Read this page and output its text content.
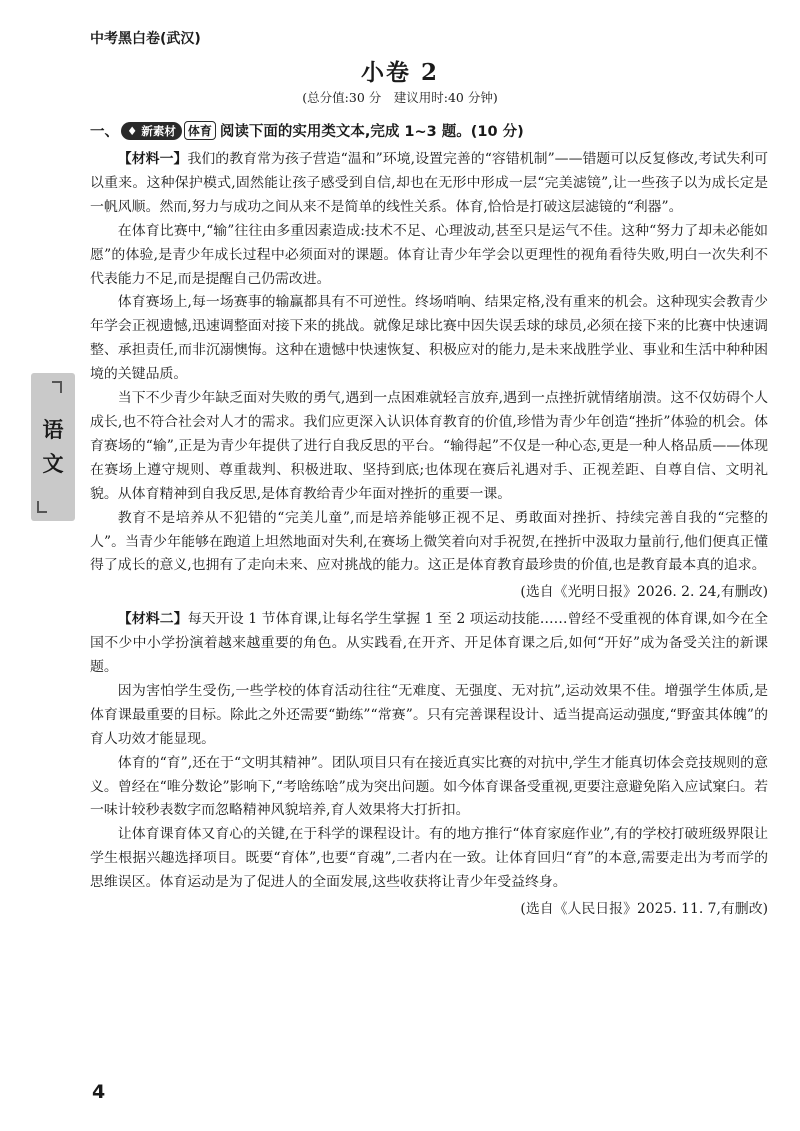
中考黑白卷(武汉)
小卷 2
(总分值:30 分　建议用时:40 分钟)
一、 ♦ 新素材 体育 阅读下面的实用类文本,完成 1~3 题。(10 分)

【材料一】我们的教育常为孩子营造“温和”环境,设置完善的“容错机制”——错题可以反复修改,考试失利可以重来。这种保护模式,固然能让孩子感受到自信,却也在无形中形成一层“完美滤镜”,让一些孩子以为成长定是一帆风顺。然而,努力与成功之间从来不是简单的线性关系。体育,恰恰是打破这层滤镜的“利器”。

在体育比赛中,“输”往往由多重因素造成:技术不足、心理波动,甚至只是运气不佳。这种“努力了却未必能如愿”的体验,是青少年成长过程中必须面对的课题。体育让青少年学会以更理性的视角看待失败,明白一次失利不代表能力不足,而是提醒自己仍需改进。

体育赛场上,每一场赛事的输赢都具有不可逆性。终场哨响、结果定格,没有重来的机会。这种现实会教青少年学会正视遗憾,迅速调整面对接下来的挑战。就像足球比赛中因失误丢球的球员,必须在接下来的比赛中快速调整、承担责任,而非沉溺懊悔。这种在遗憾中快速恢复、积极应对的能力,是未来战胜学业、事业和生活中种种困境的关键品质。

当下不少青少年缺乏面对失败的勇气,遇到一点困难就轻言放弃,遇到一点挫折就情绪崩溃。这不仅妨碍个人成长,也不符合社会对人才的需求。我们应更深入认识体育教育的价值,珍惜为青少年创造“挫折”体验的机会。体育赛场的“输”,正是为青少年提供了进行自我反思的平台。“输得起”不仅是一种心态,更是一种人格品质——体现在赛场上遵守规则、尊重裁判、积极进取、坚持到底;也体现在赛后礼遇对手、正视差距、自尊自信、文明礼貌。从体育精神到自我反思,是体育教给青少年面对挫折的重要一课。

教育不是培养从不犯错的“完美儿童”,而是培养能够正视不足、勇敢面对挫折、持续完善自我的“完整的人”。当青少年能够在跑道上坦然地面对失利,在赛场上微笑着向对手祝贺,在挫折中汲取力量前行,他们便真正懂得了成长的意义,也拥有了走向未来、应对挑战的能力。这正是体育教育最珍贵的价值,也是教育最本真的追求。

(选自《光明日报》2026. 2. 24,有删改)

【材料二】每天开设 1 节体育课,让每名学生掌握 1 至 2 项运动技能……曾经不受重视的体育课,如今在全国不少中小学扮演着越来越重要的角色。从实践看,在开齐、开足体育课之后,如何“开好”成为备受关注的新课题。

因为害怕学生受伤,一些学校的体育活动往往“无难度、无强度、无对抗”,运动效果不佳。增强学生体质,是体育课最重要的目标。除此之外还需要“勤练”“常赛”。只有完善课程设计、适当提高运动强度,“野蛮其体魄”的育人功效才能显现。

体育的“育”,还在于“文明其精神”。团队项目只有在接近真实比赛的对抗中,学生才能真切体会竞技规则的意义。曾经在“唯分数论”影响下,“考啥练啥”成为突出问题。如今体育课备受重视,更要注意避免陷入应试窠臼。若一味计较秒表数字而忽略精神风貌培养,育人效果将大打折扣。

让体育课育体又育心的关键,在于科学的课程设计。有的地方推行“体育家庭作业”,有的学校打破班级界限让学生根据兴趣选择项目。既要“育体”,也要“育魂”,二者内在一致。让体育回归“育”的本意,需要走出为考而学的思维误区。体育运动是为了促进人的全面发展,这些收获将让青少年受益终身。

(选自《人民日报》2025. 11. 7,有删改)

语
文
4
